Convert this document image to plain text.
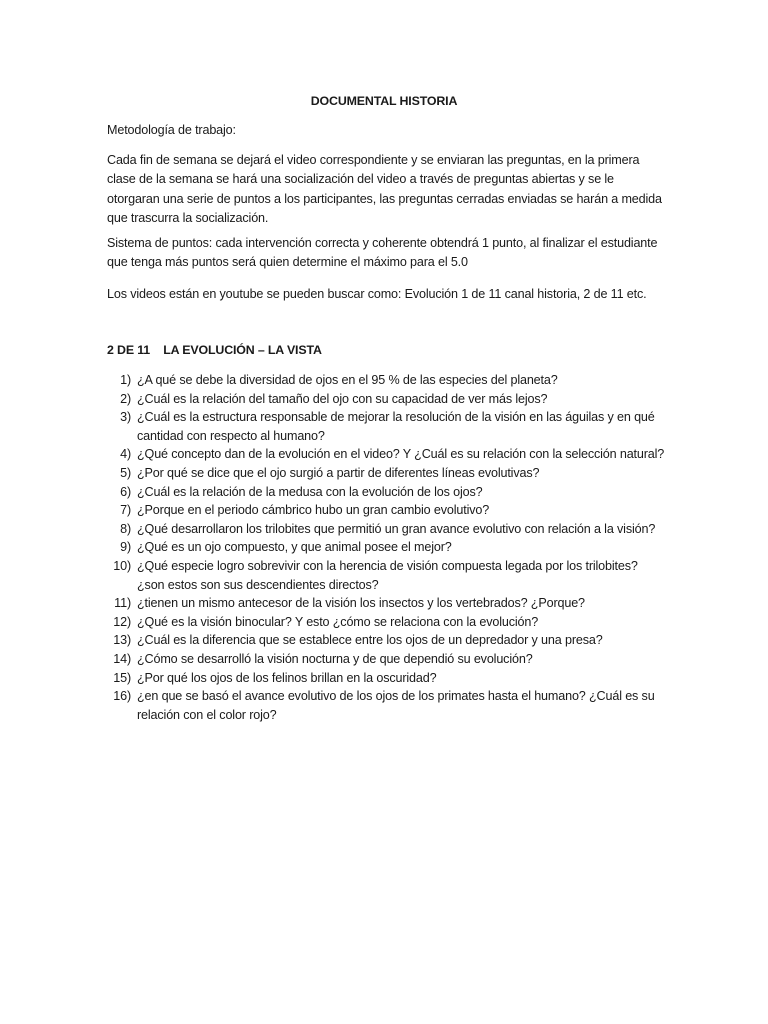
DOCUMENTAL HISTORIA

Metodología de trabajo:

Cada fin de semana se dejará el video correspondiente y se enviaran las preguntas, en la primera clase de la semana se hará una socialización del video a través de preguntas abiertas y se le otorgaran una serie de puntos a los participantes, las preguntas cerradas enviadas se harán a medida que trascurra la socialización.

Sistema de puntos: cada intervención correcta y coherente obtendrá 1 punto, al finalizar el estudiante que tenga más puntos será quien determine el máximo para el 5.0

Los videos están en youtube se pueden buscar como: Evolución 1 de 11 canal historia, 2 de 11 etc.

2 DE 11    LA EVOLUCIÓN – LA VISTA
1) ¿A qué se debe la diversidad de ojos en el 95 % de las especies del planeta?
2) ¿Cuál es la relación del tamaño del ojo con su capacidad de ver más lejos?
3) ¿Cuál es la estructura responsable de mejorar la resolución de la visión en las águilas y en qué cantidad con respecto al humano?
4) ¿Qué concepto dan de la evolución en el video? Y ¿Cuál es su relación con la selección natural?
5) ¿Por qué se dice que el ojo surgió a partir de diferentes líneas evolutivas?
6) ¿Cuál es la relación de la medusa con la evolución de los ojos?
7) ¿Porque en el periodo cámbrico hubo un gran cambio evolutivo?
8) ¿Qué desarrollaron los trilobites que permitió un gran avance evolutivo con relación a la visión?
9) ¿Qué es un ojo compuesto, y que animal posee el mejor?
10) ¿Qué especie logro sobrevivir con la herencia de visión compuesta legada por los trilobites? ¿son estos son sus descendientes directos?
11) ¿tienen un mismo antecesor de la visión los insectos y los vertebrados? ¿Porque?
12) ¿Qué es la visión binocular? Y esto ¿cómo se relaciona con la evolución?
13) ¿Cuál es la diferencia que se establece entre los ojos de un depredador y una presa?
14) ¿Cómo se desarrolló la visión nocturna y de que dependió su evolución?
15) ¿Por qué los ojos de los felinos brillan en la oscuridad?
16) ¿en que se basó el avance evolutivo de los ojos de los primates hasta el humano? ¿Cuál es su relación con el color rojo?
